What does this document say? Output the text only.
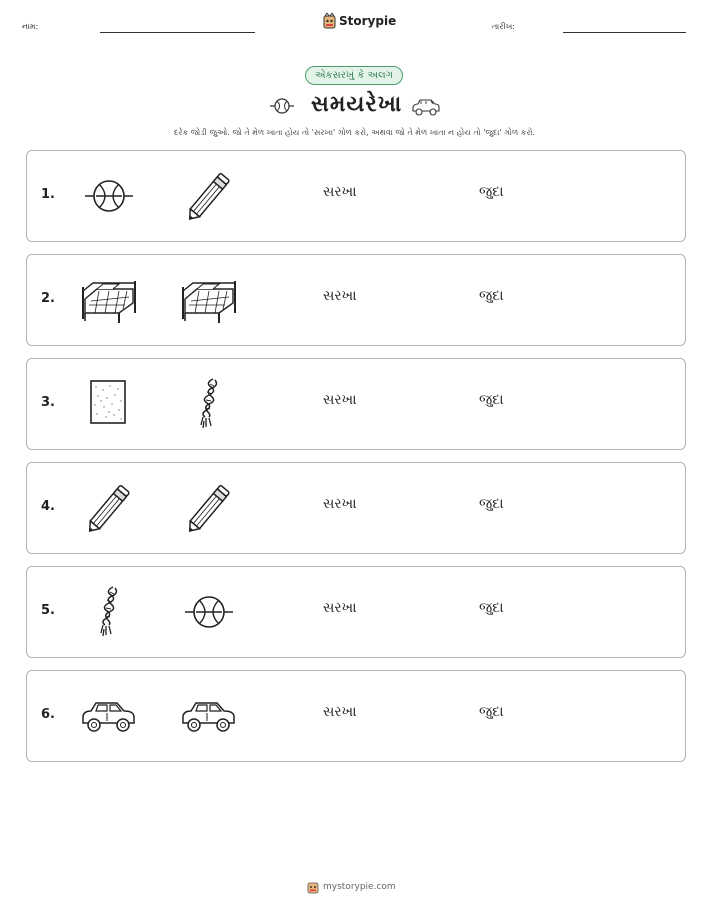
નામ:	Storypie	તારીખ:
એકસરખું કે અલગ
સમયરેખા
દરેક જોડી જુઓ. જો તે મેળ ખાતા હોય તો 'સરખા' ગોળ કરો, અથવા જો તે મેળ ખાતા ન હોય તો 'જુદા' ગોળ કરો.
1.	સરખા	જુદા
2.	સરખા	જુદા
3.	સરખા	જુદા
4.	સરખા	જુદા
5.	સરખા	જુદા
6.	સરખા	જુદા
mystorypie.com
